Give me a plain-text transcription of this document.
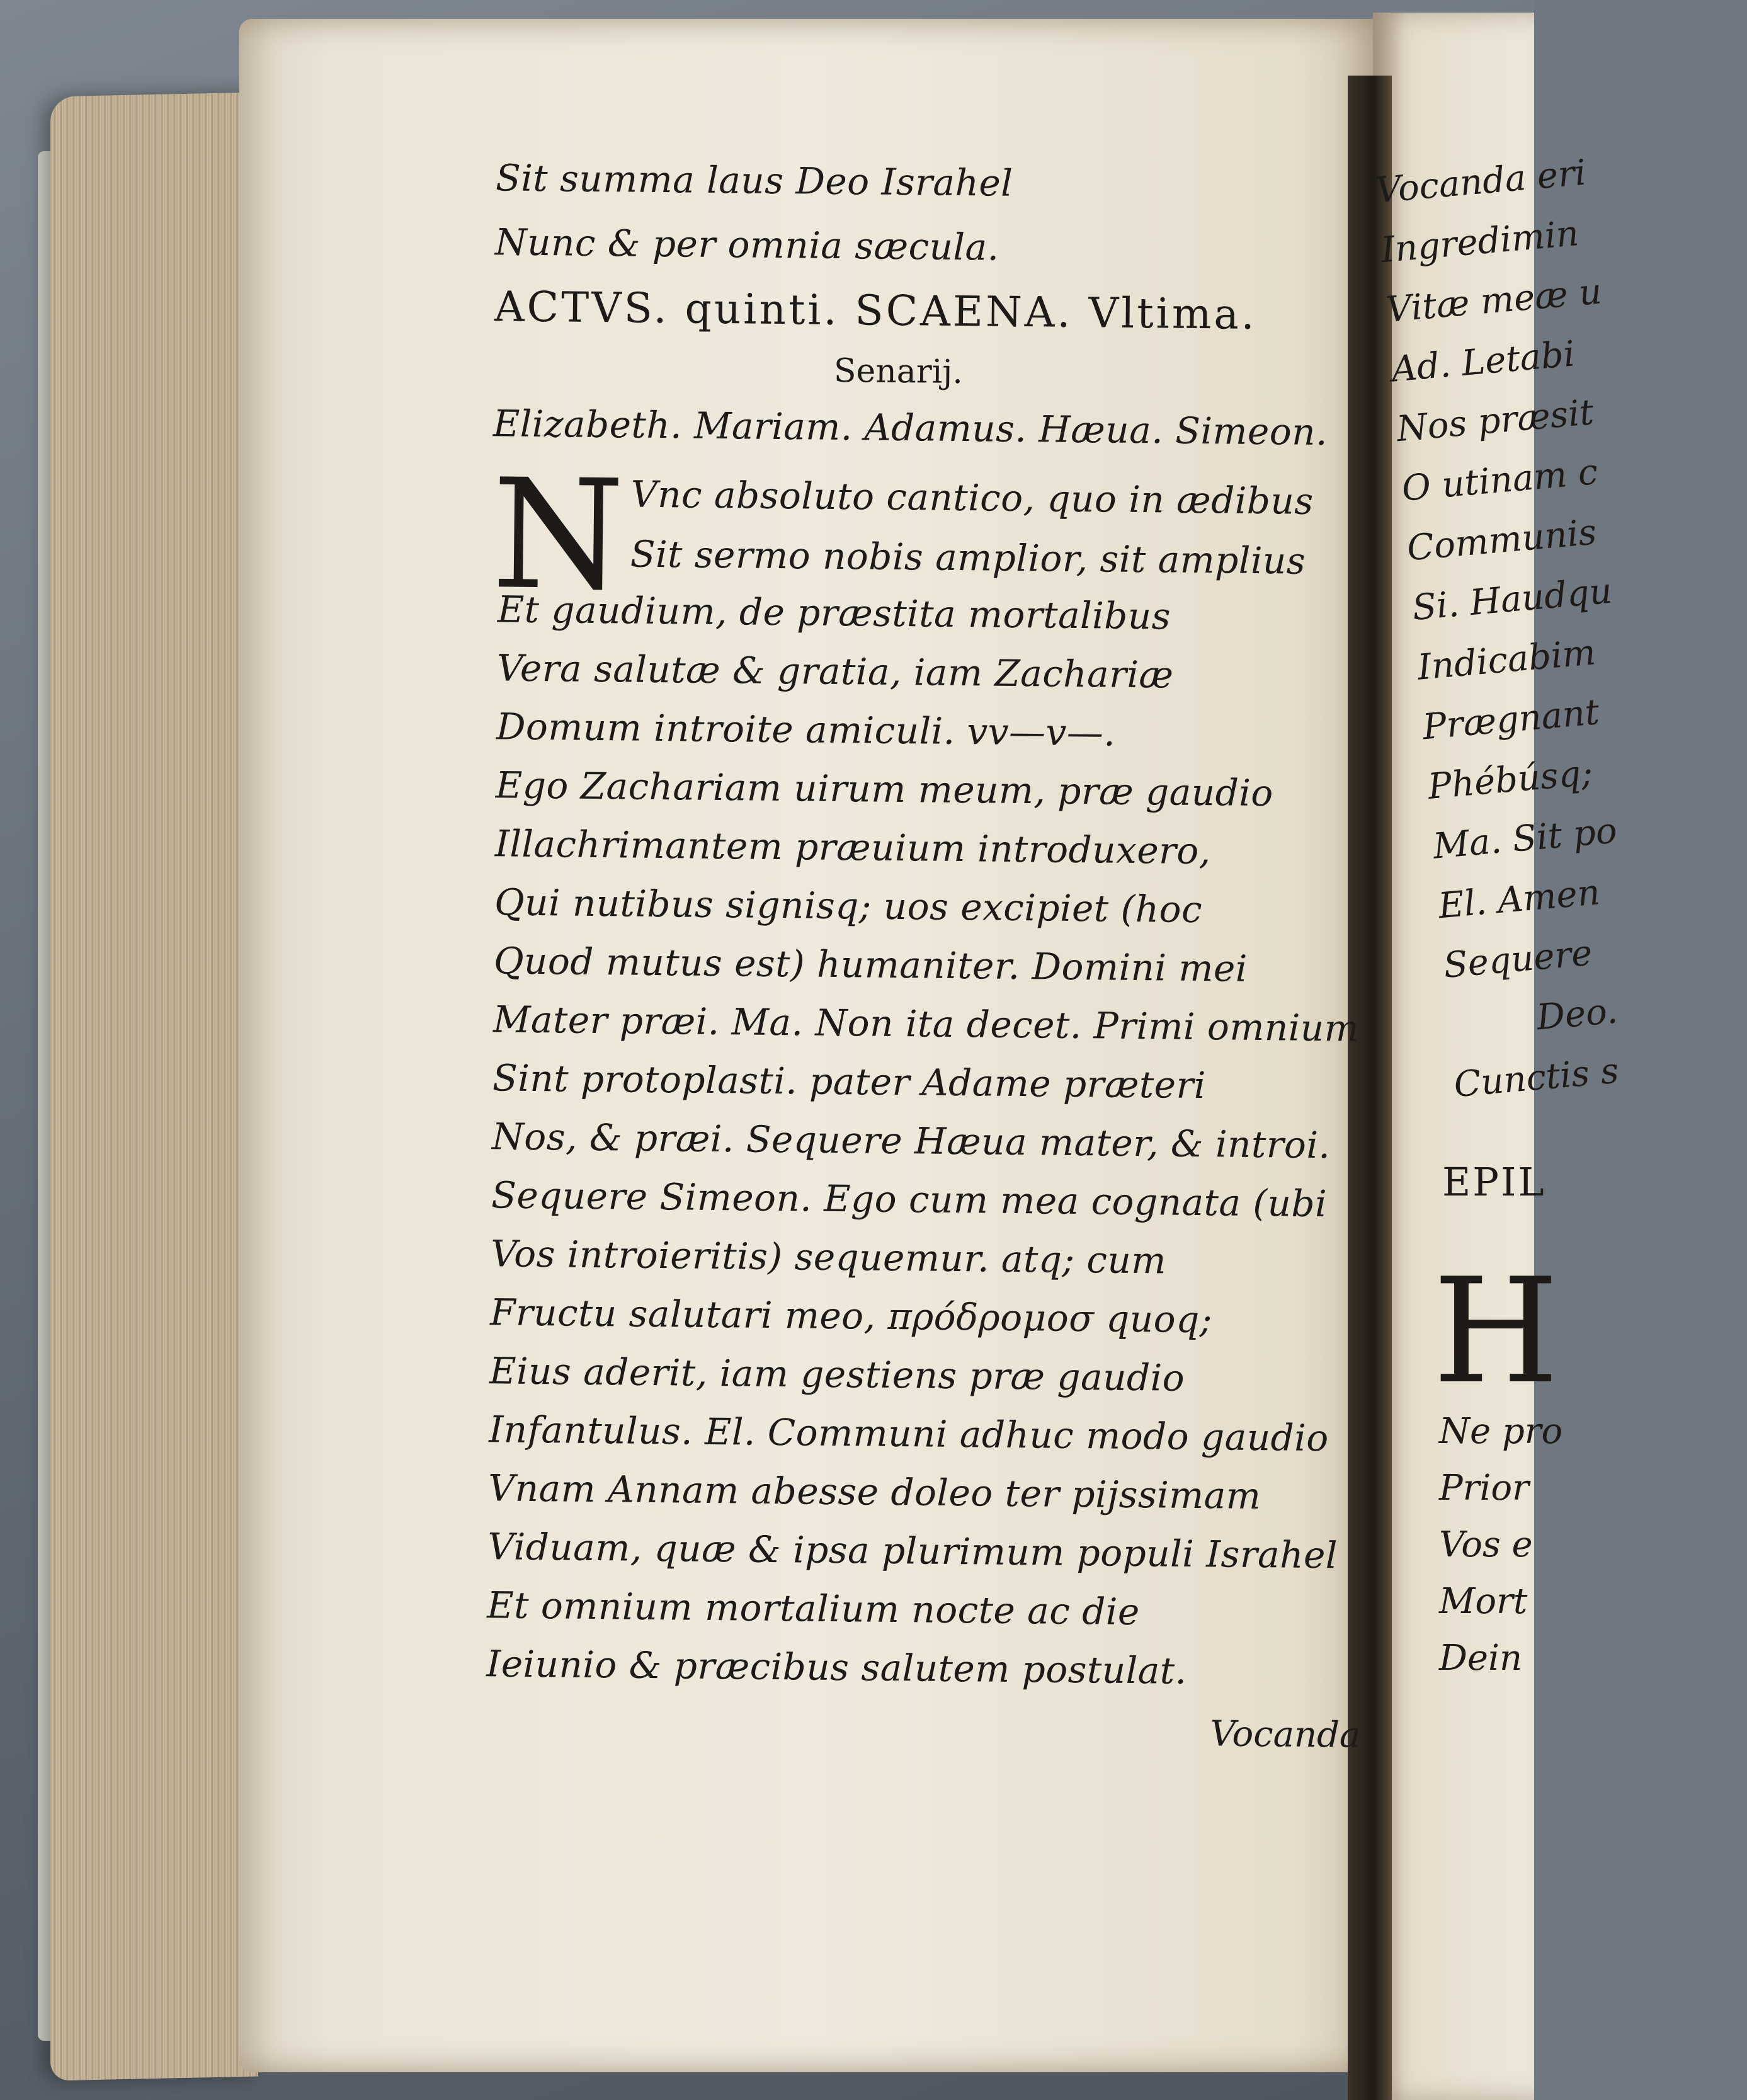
Sit summa laus Deo Israhel
Nunc & per omnia sæcula.
ACTVS. quinti. SCAENA. Vltima.
Senarij.
Elizabeth. Mariam. Adamus. Hæua. Simeon.
N Vnc absoluto cantico, quo in ædibus
Sit sermo nobis amplior, sit amplius
Et gaudium, de præstita mortalibus
Vera salutæ & gratia, iam Zachariæ
Domum introite amiculi. vv—v—.
Ego Zachariam uirum meum, præ gaudio
Illachrimantem præuium introduxero,
Qui nutibus signisq; uos excipiet (hoc
Quod mutus est) humaniter. Domini mei
Mater præi. Ma. Non ita decet. Primi omnium
Sint protoplasti. pater Adame præteri
Nos, & præi. Sequere Hæua mater, & introi.
Sequere Simeon. Ego cum mea cognata (ubi
Vos introieritis) sequemur. atq; cum
Fructu salutari meo, πρόδρομοσ quoq;
Eius aderit, iam gestiens præ gaudio
Infantulus. El. Communi adhuc modo gaudio
Vnam Annam abesse doleo ter pijssimam
Viduam, quæ & ipsa plurimum populi Israhel
Et omnium mortalium nocte ac die
Ieiunio & præcibus salutem postulat.
Vocanda
Vocanda eri
Ingredimin
Vitæ meæ u
Ad. Letabi
Nos præsit
O utinam c
Communis
Si. Haudqu
Indicabim
Prægnant
Phébúsq;
Ma. Sit po
El. Amen
Sequere
Deo.
Cunctis s
EPIL
H
Ne pro
Prior
Vos e
Mort
Dein
